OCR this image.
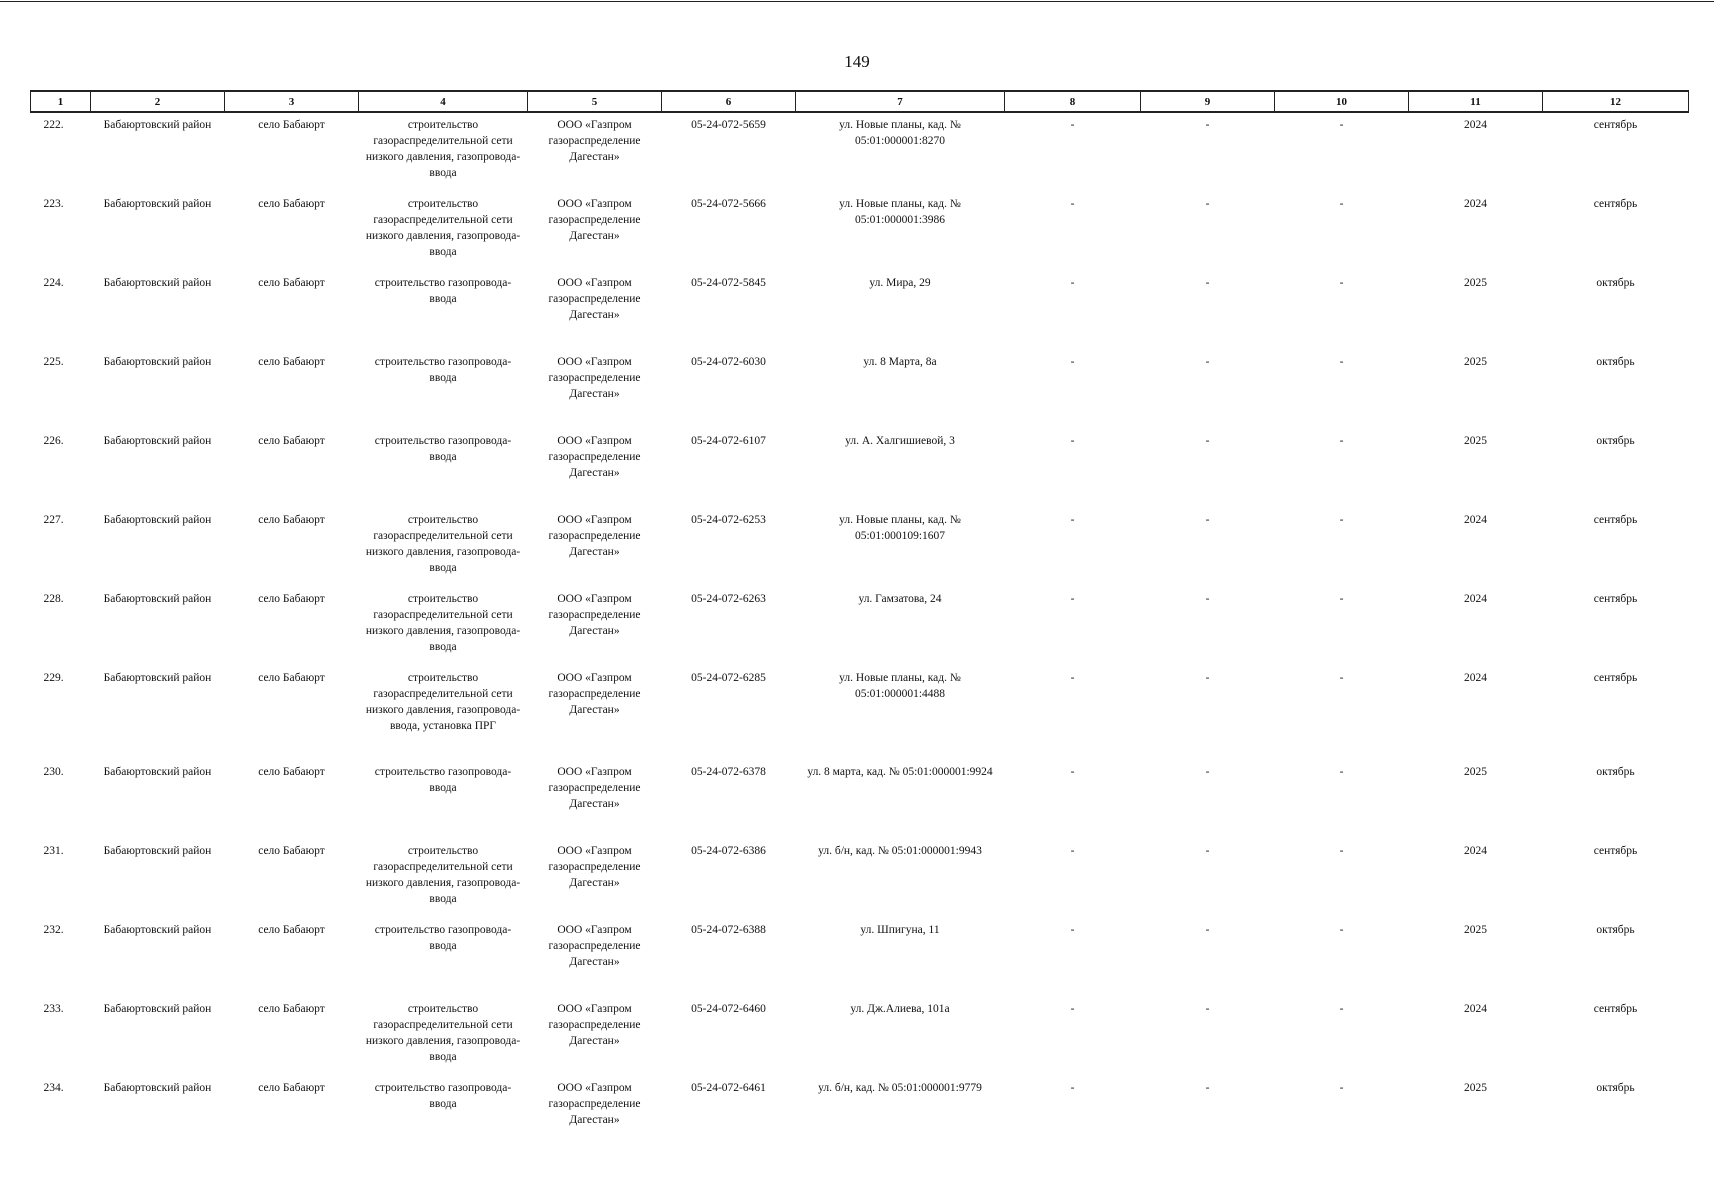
149
1	2	3	4	5	6	7	8	9	10	11	12
222.	Бабаюртовский район	село Бабаюрт	строительство газораспределительной сети низкого давления, газопровода-ввода	ООО «Газпром газораспределение Дагестан»	05-24-072-5659	ул. Новые планы, кад. № 05:01:000001:8270	-	-	-	2024	сентябрь
223.	Бабаюртовский район	село Бабаюрт	строительство газораспределительной сети низкого давления, газопровода-ввода	ООО «Газпром газораспределение Дагестан»	05-24-072-5666	ул. Новые планы, кад. № 05:01:000001:3986	-	-	-	2024	сентябрь
224.	Бабаюртовский район	село Бабаюрт	строительство газопровода-ввода	ООО «Газпром газораспределение Дагестан»	05-24-072-5845	ул. Мира, 29	-	-	-	2025	октябрь
225.	Бабаюртовский район	село Бабаюрт	строительство газопровода-ввода	ООО «Газпром газораспределение Дагестан»	05-24-072-6030	ул. 8 Марта, 8а	-	-	-	2025	октябрь
226.	Бабаюртовский район	село Бабаюрт	строительство газопровода-ввода	ООО «Газпром газораспределение Дагестан»	05-24-072-6107	ул. А. Халгишиевой, 3	-	-	-	2025	октябрь
227.	Бабаюртовский район	село Бабаюрт	строительство газораспределительной сети низкого давления, газопровода-ввода	ООО «Газпром газораспределение Дагестан»	05-24-072-6253	ул. Новые планы, кад. № 05:01:000109:1607	-	-	-	2024	сентябрь
228.	Бабаюртовский район	село Бабаюрт	строительство газораспределительной сети низкого давления, газопровода-ввода	ООО «Газпром газораспределение Дагестан»	05-24-072-6263	ул. Гамзатова, 24	-	-	-	2024	сентябрь
229.	Бабаюртовский район	село Бабаюрт	строительство газораспределительной сети низкого давления, газопровода-ввода, установка ПРГ	ООО «Газпром газораспределение Дагестан»	05-24-072-6285	ул. Новые планы, кад. № 05:01:000001:4488	-	-	-	2024	сентябрь
230.	Бабаюртовский район	село Бабаюрт	строительство газопровода-ввода	ООО «Газпром газораспределение Дагестан»	05-24-072-6378	ул. 8 марта, кад. № 05:01:000001:9924	-	-	-	2025	октябрь
231.	Бабаюртовский район	село Бабаюрт	строительство газораспределительной сети низкого давления, газопровода-ввода	ООО «Газпром газораспределение Дагестан»	05-24-072-6386	ул. б/н, кад. № 05:01:000001:9943	-	-	-	2024	сентябрь
232.	Бабаюртовский район	село Бабаюрт	строительство газопровода-ввода	ООО «Газпром газораспределение Дагестан»	05-24-072-6388	ул. Шпигуна, 11	-	-	-	2025	октябрь
233.	Бабаюртовский район	село Бабаюрт	строительство газораспределительной сети низкого давления, газопровода-ввода	ООО «Газпром газораспределение Дагестан»	05-24-072-6460	ул. Дж.Алиева, 101а	-	-	-	2024	сентябрь
234.	Бабаюртовский район	село Бабаюрт	строительство газопровода-ввода	ООО «Газпром газораспределение Дагестан»	05-24-072-6461	ул. б/н, кад. № 05:01:000001:9779	-	-	-	2025	октябрь
